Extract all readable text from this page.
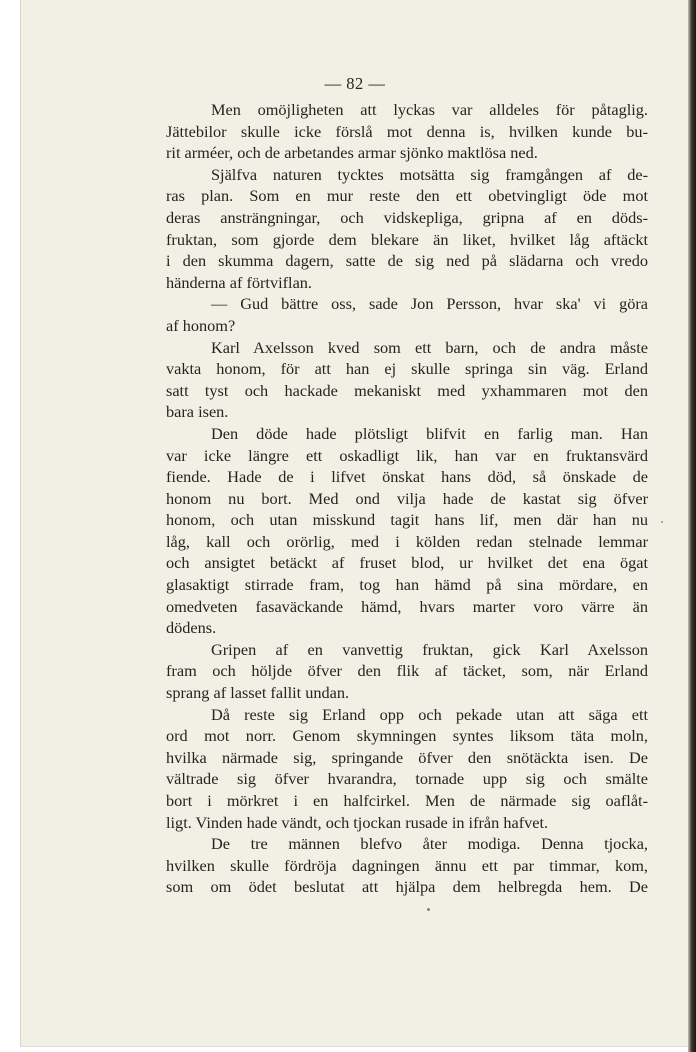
— 82 —
Men omöjligheten att lyckas var alldeles för påtaglig.
Jättebilor skulle icke förslå mot denna is, hvilken kunde bu-
rit arméer, och de arbetandes armar sjönko maktlösa ned.
Själfva naturen tycktes motsätta sig framgången af de-
ras plan. Som en mur reste den ett obetvingligt öde mot
deras ansträngningar, och vidskepliga, gripna af en döds-
fruktan, som gjorde dem blekare än liket, hvilket låg aftäckt
i den skumma dagern, satte de sig ned på slädarna och vredo
händerna af förtviflan.
— Gud bättre oss, sade Jon Persson, hvar ska' vi göra
af honom?
Karl Axelsson kved som ett barn, och de andra måste
vakta honom, för att han ej skulle springa sin väg. Erland
satt tyst och hackade mekaniskt med yxhammaren mot den
bara isen.
Den döde hade plötsligt blifvit en farlig man. Han
var icke längre ett oskadligt lik, han var en fruktansvärd
fiende. Hade de i lifvet önskat hans död, så önskade de
honom nu bort. Med ond vilja hade de kastat sig öfver
honom, och utan misskund tagit hans lif, men där han nu
låg, kall och orörlig, med i kölden redan stelnade lemmar
och ansigtet betäckt af fruset blod, ur hvilket det ena ögat
glasaktigt stirrade fram, tog han hämd på sina mördare, en
omedveten fasaväckande hämd, hvars marter voro värre än
dödens.
Gripen af en vanvettig fruktan, gick Karl Axelsson
fram och höljde öfver den flik af täcket, som, när Erland
sprang af lasset fallit undan.
Då reste sig Erland opp och pekade utan att säga ett
ord mot norr. Genom skymningen syntes liksom täta moln,
hvilka närmade sig, springande öfver den snötäckta isen. De
vältrade sig öfver hvarandra, tornade upp sig och smälte
bort i mörkret i en halfcirkel. Men de närmade sig oaflåt-
ligt. Vinden hade vändt, och tjockan rusade in ifrån hafvet.
De tre männen blefvo åter modiga. Denna tjocka,
hvilken skulle fördröja dagningen ännu ett par timmar, kom,
som om ödet beslutat att hjälpa dem helbregda hem. De
